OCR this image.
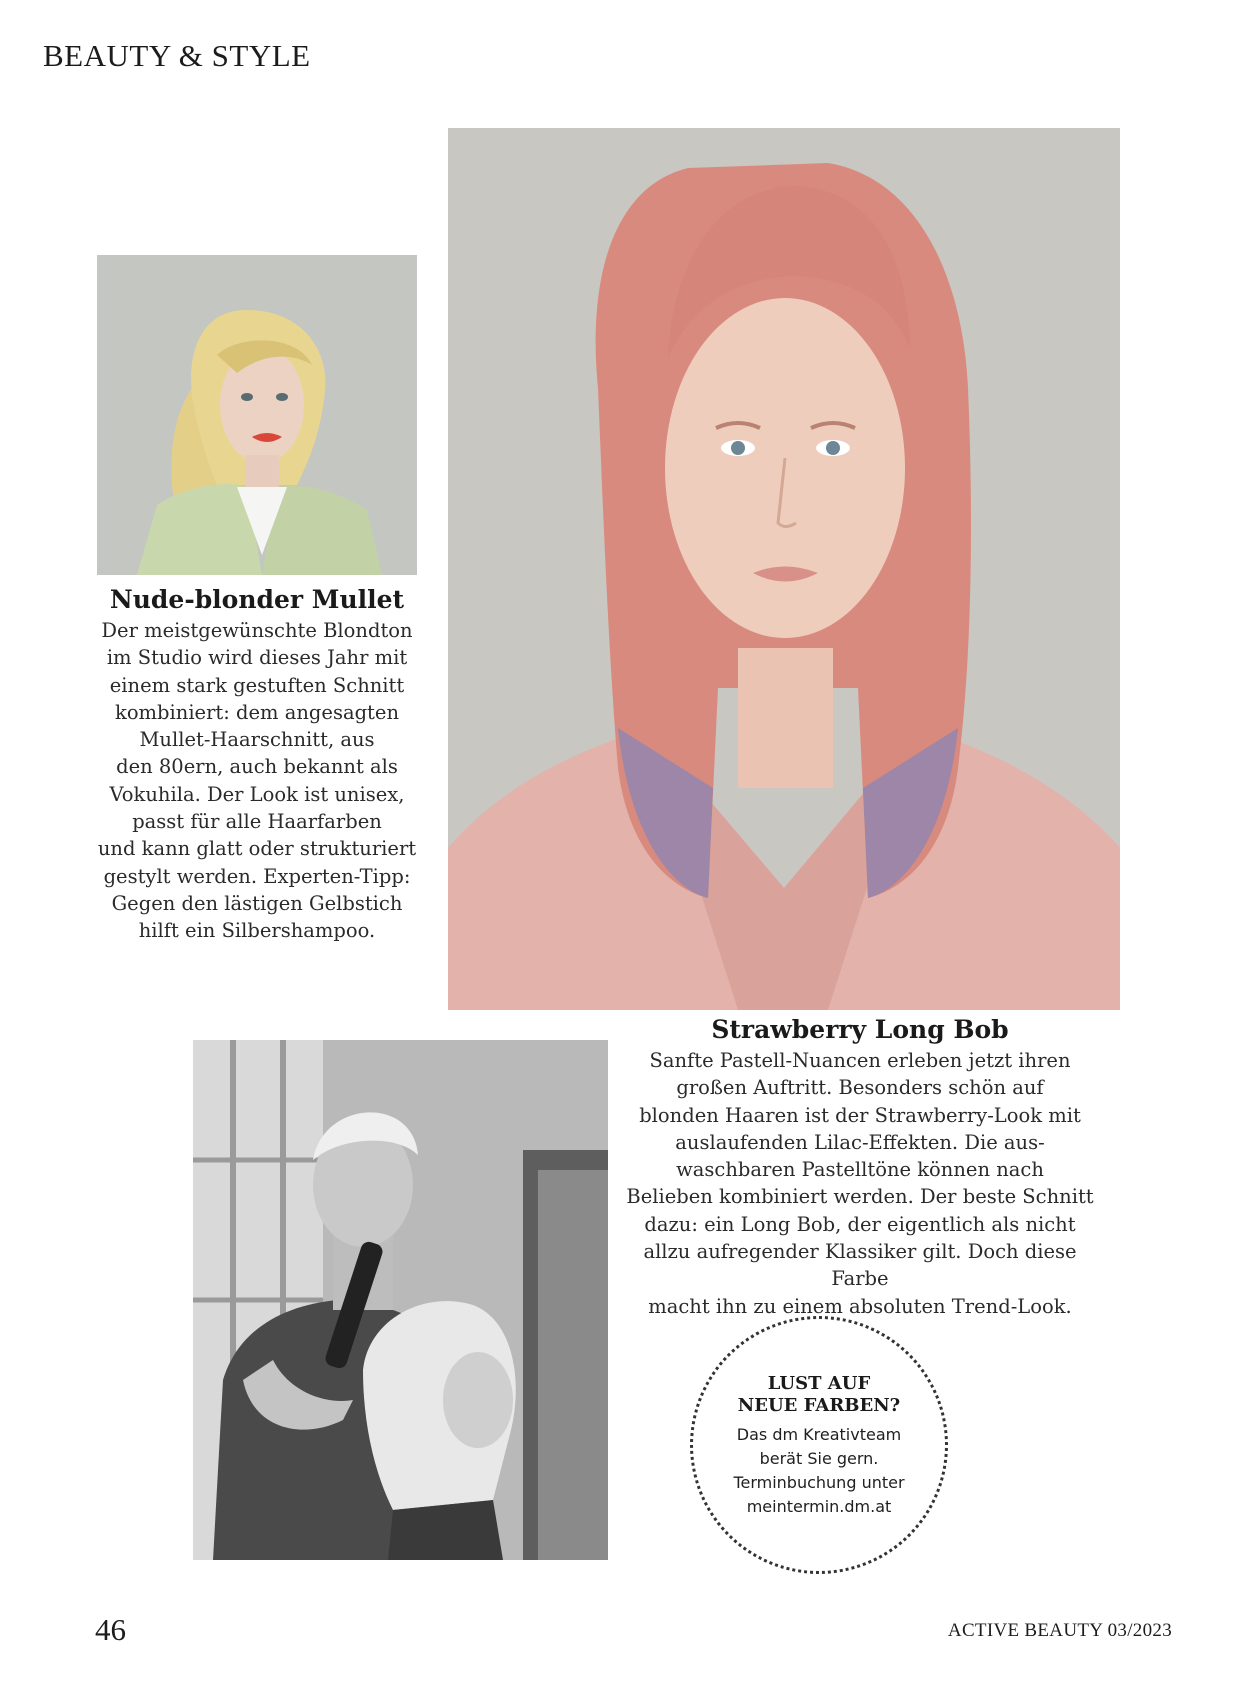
BEAUTY & STYLE
Nude-blonder Mullet
Der meistgewünschte Blondton
im Studio wird dieses Jahr mit
einem stark gestuften Schnitt
kombiniert: dem angesagten
Mullet-Haarschnitt, aus
den 80ern, auch bekannt als
Vokuhila. Der Look ist unisex,
passt für alle Haarfarben
und kann glatt oder strukturiert
gestylt werden. Experten-Tipp:
Gegen den lästigen Gelbstich
hilft ein Silbershampoo.
Strawberry Long Bob
Sanfte Pastell-Nuancen erleben jetzt ihren
großen Auftritt. Besonders schön auf
blonden Haaren ist der Strawberry-Look mit
auslaufenden Lilac-Effekten. Die aus-
waschbaren Pastelltöne können nach
Belieben kombiniert werden. Der beste Schnitt
dazu: ein Long Bob, der eigentlich als nicht
allzu aufregender Klassiker gilt. Doch diese Farbe
macht ihn zu einem absoluten Trend-Look.
LUST AUF
NEUE FARBEN?
Das dm Kreativteam
berät Sie gern.
Terminbuchung unter
meintermin.dm.at
46	ACTIVE BEAUTY 03/2023
